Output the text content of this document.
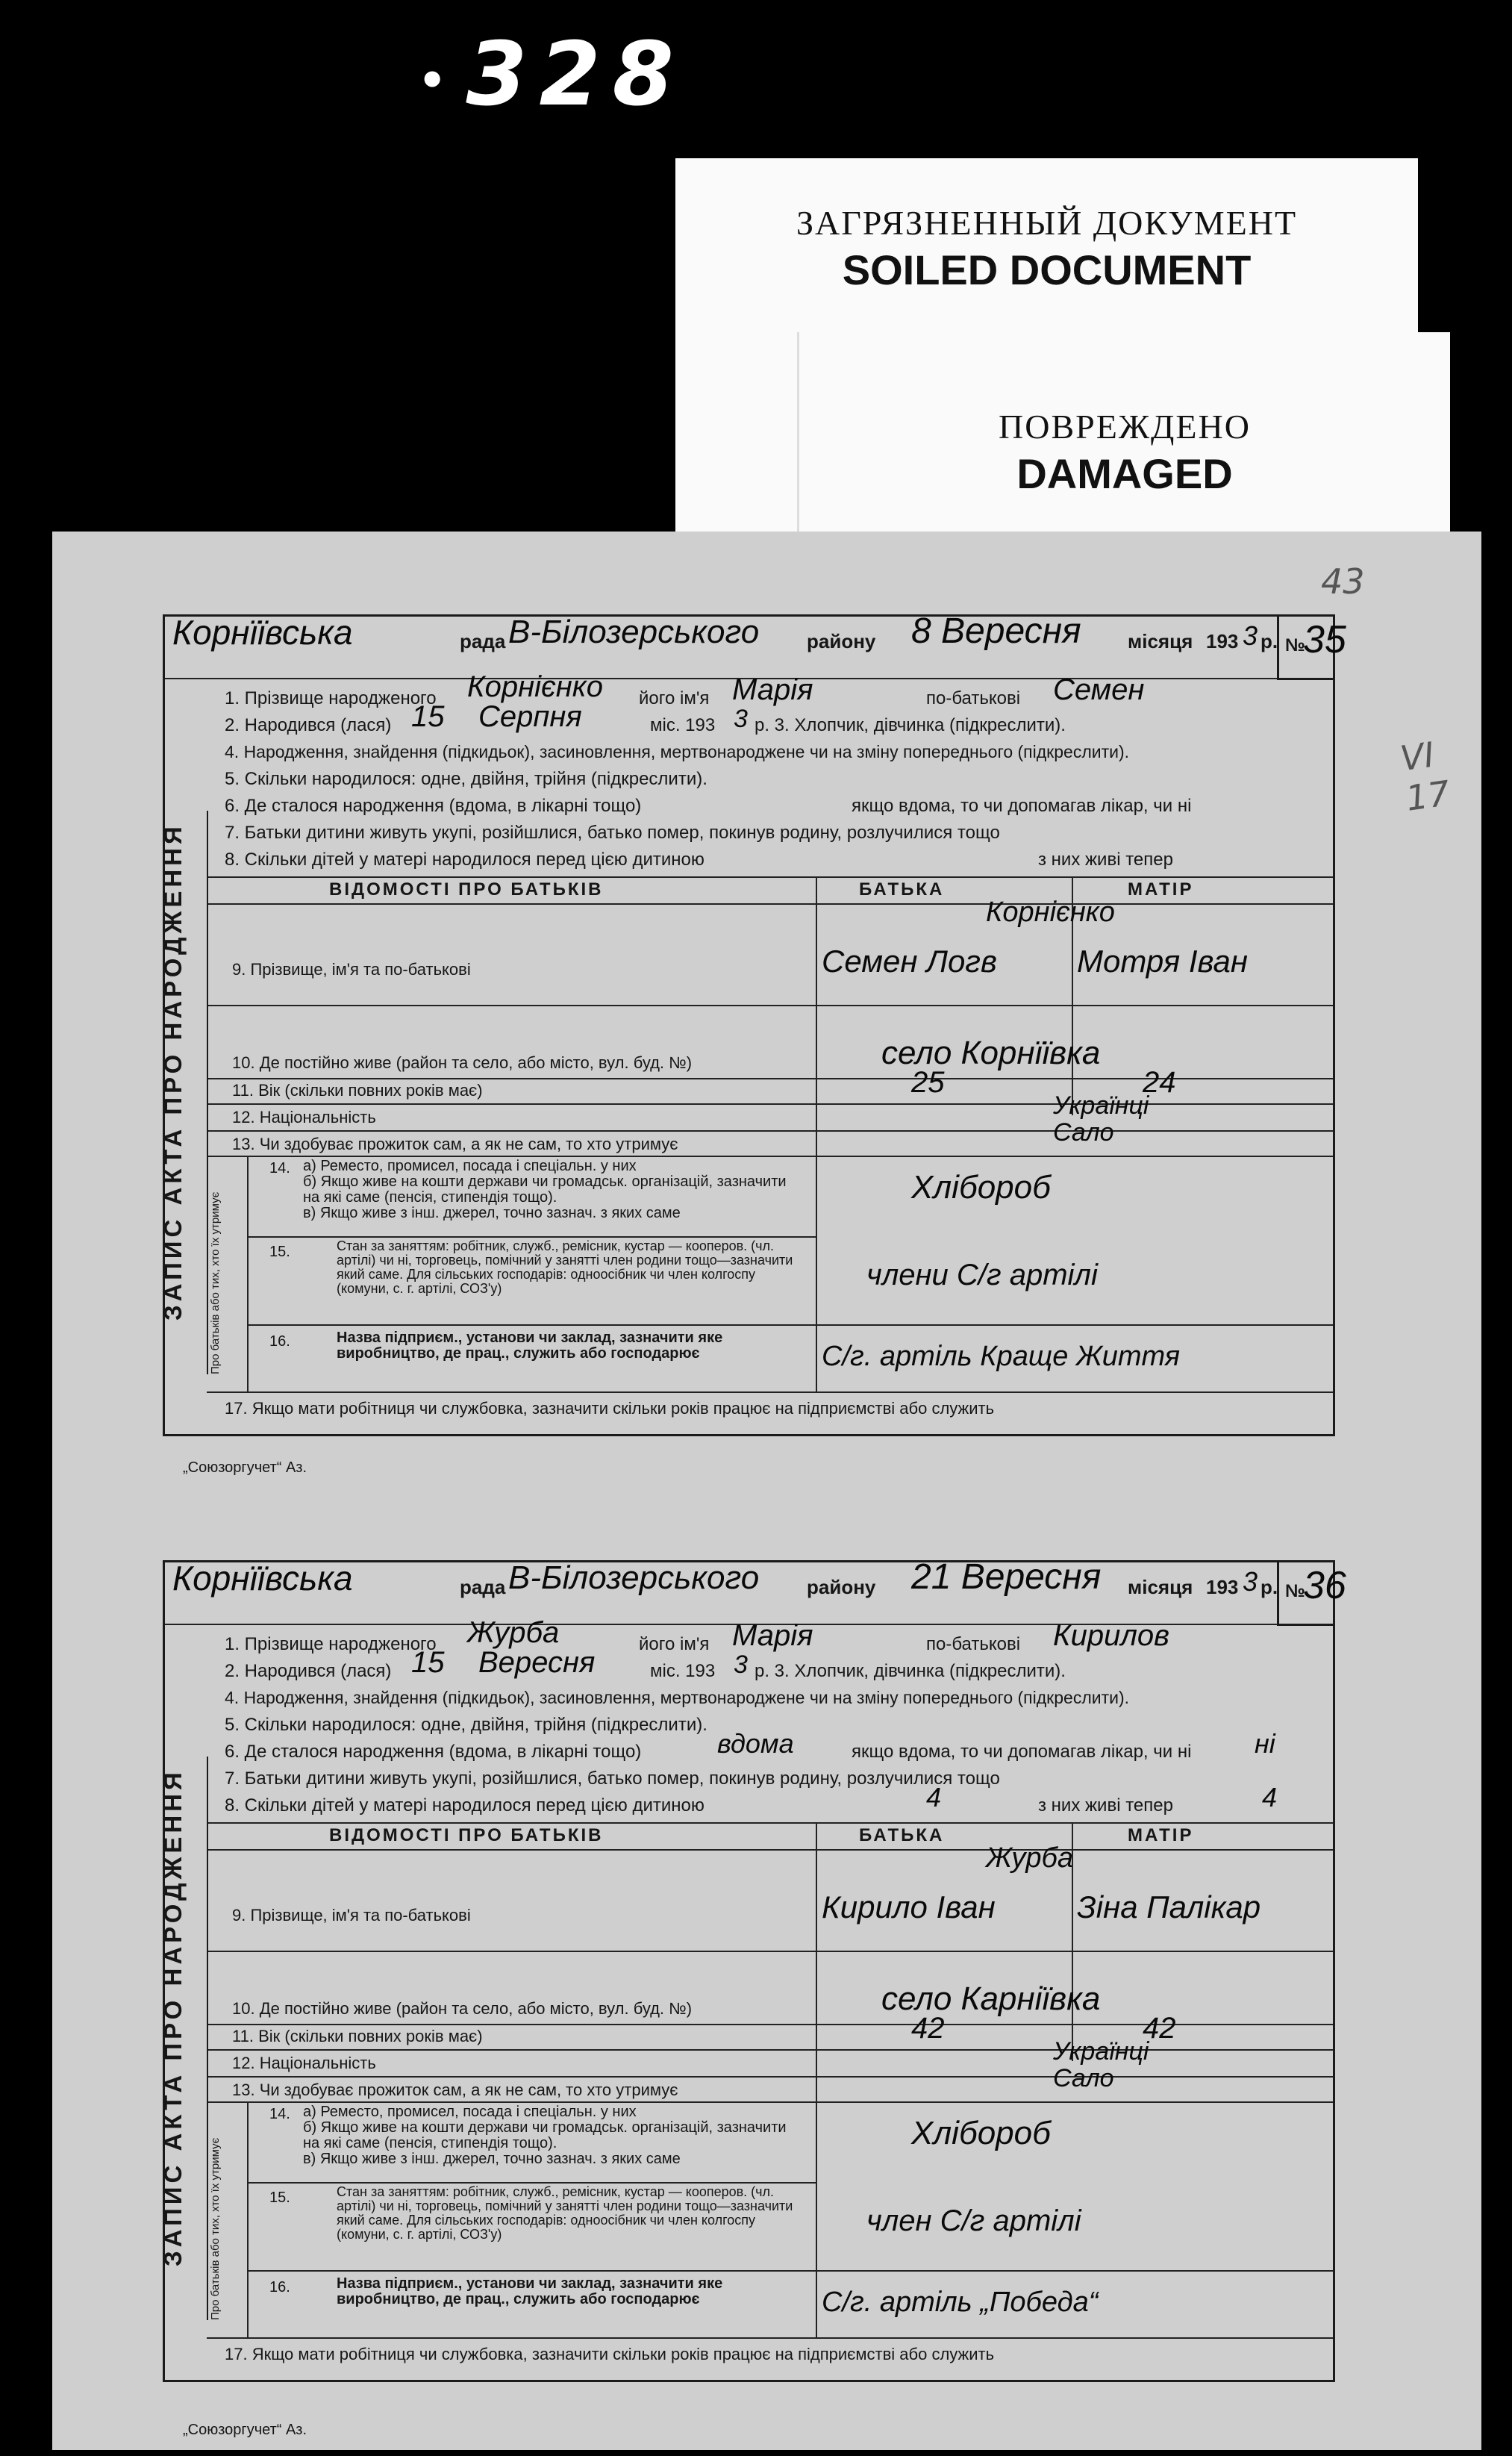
•328
ЗАГРЯЗНЕННЫЙ ДОКУМЕНТ
SOILED DOCUMENT
ПОВРЕЖДЕНО
DAMAGED
43
VI 17
„Союзоргучет“ Аз.
„Союзоргучет“ Аз.
Корнїївська	рада В-Білозерського району 8 Вересня місяця 193 3 р. №
35
1. Прізвище народженого Корнієнко його ім'я Марія	по-батькові Семен
2. Народився (лася) 15 Серпня	міс. 193 3 р. 3. Хлопчик, дівчинка (підкреслити).
4. Народження, знайдення (підкидьок), засиновлення, мертвонароджене чи на зміну попереднього (підкреслити).
5. Скільки народилося: одне, двійня, трійня (підкреслити).
6. Де сталося народження (вдома, в лікарні тощо)	якщо вдома, то чи допомагав лікар, чи ні
7. Батьки дитини живуть укупі, розійшлися, батько помер, покинув родину, розлучилися тощо
8. Скільки дітей у матері народилося перед цією дитиною	з них живі тепер
ВІДОМОСТІ ПРО БАТЬКІВ	БАТЬКА	МАТІР
9. Прізвище, ім'я та по-батькові
Корнієнко
Семен Логв	Мотря Іван
10. Де постійно живе (район та село, або місто, вул. буд. №)	село Корнїївка
11. Вік (скільки повних років має)	25	24
12. Національність	Українці
13. Чи здобуває прожиток сам, а як не сам, то хто утримує	Сало
Про батьків або тих, хто їх утримує
14. а) Реместо, промисел, посада і спеціальн. у них
б) Якщо живе на кошти держави чи громадськ. організацій, зазначити на які саме (пенсія, стипендія тощо).
в) Якщо живе з інш. джерел, точно зазнач. з яких саме
Хлібороб
15.	Стан за заняттям: робітник, служб., ремісник, кустар — кооперов. (чл. артілі) чи ні, торговець, помічний у занятті член родини тощо—зазначити який саме. Для сільських господарів: одноосібник чи член колгоспу (комуни, с. г. артілі, СОЗ'у)	члени С/г артілі
16.	Назва підприєм., установи чи заклад, зазначити яке виробництво, де прац., служить або господарює	С/г. артіль Краще Життя
17. Якщо мати робітниця чи службовка, зазначити скільки років працює на підприємстві або служить
ЗАПИС АКТА ПРО НАРОДЖЕННЯ
Корнїївська	рада В-Білозерського району 21 Вересня місяця 193 3 р. №
36
1. Прізвище народженого Журба	його ім'я Марія	по-батькові Кирилов
2. Народився (лася) 15 Вересня	міс. 193 3 р. 3. Хлопчик, дівчинка (підкреслити).
4. Народження, знайдення (підкидьок), засиновлення, мертвонароджене чи на зміну попереднього (підкреслити).
5. Скільки народилося: одне, двійня, трійня (підкреслити).
6. Де сталося народження (вдома, в лікарні тощо)	вдома	якщо вдома, то чи допомагав лікар, чи ні ні
7. Батьки дитини живуть укупі, розійшлися, батько помер, покинув родину, розлучилися тощо
8. Скільки дітей у матері народилося перед цією дитиною	4	з них живі тепер	4
ВІДОМОСТІ ПРО БАТЬКІВ	БАТЬКА	МАТІР
9. Прізвище, ім'я та по-батькові
Журба
Кирило Іван	Зіна Палікар
10. Де постійно живе (район та село, або місто, вул. буд. №)	село Карніївка
11. Вік (скільки повних років має)	42	42
12. Національність	Українці
13. Чи здобуває прожиток сам, а як не сам, то хто утримує	Сало
Про батьків або тих, хто їх утримує
14. а) Реместо, промисел, посада і спеціальн. у них
б) Якщо живе на кошти держави чи громадськ. організацій, зазначити на які саме (пенсія, стипендія тощо).
в) Якщо живе з інш. джерел, точно зазнач. з яких саме
Хлібороб
15.	Стан за заняттям: робітник, служб., ремісник, кустар — кооперов. (чл. артілі) чи ні, торговець, помічний у занятті член родини тощо—зазначити який саме. Для сільських господарів: одноосібник чи член колгоспу (комуни, с. г. артілі, СОЗ'у)	член С/г артілі
16.	Назва підприєм., установи чи заклад, зазначити яке виробництво, де прац., служить або господарює	С/г. артіль „Победа“
17. Якщо мати робітниця чи службовка, зазначити скільки років працює на підприємстві або служить
ЗАПИС АКТА ПРО НАРОДЖЕННЯ
